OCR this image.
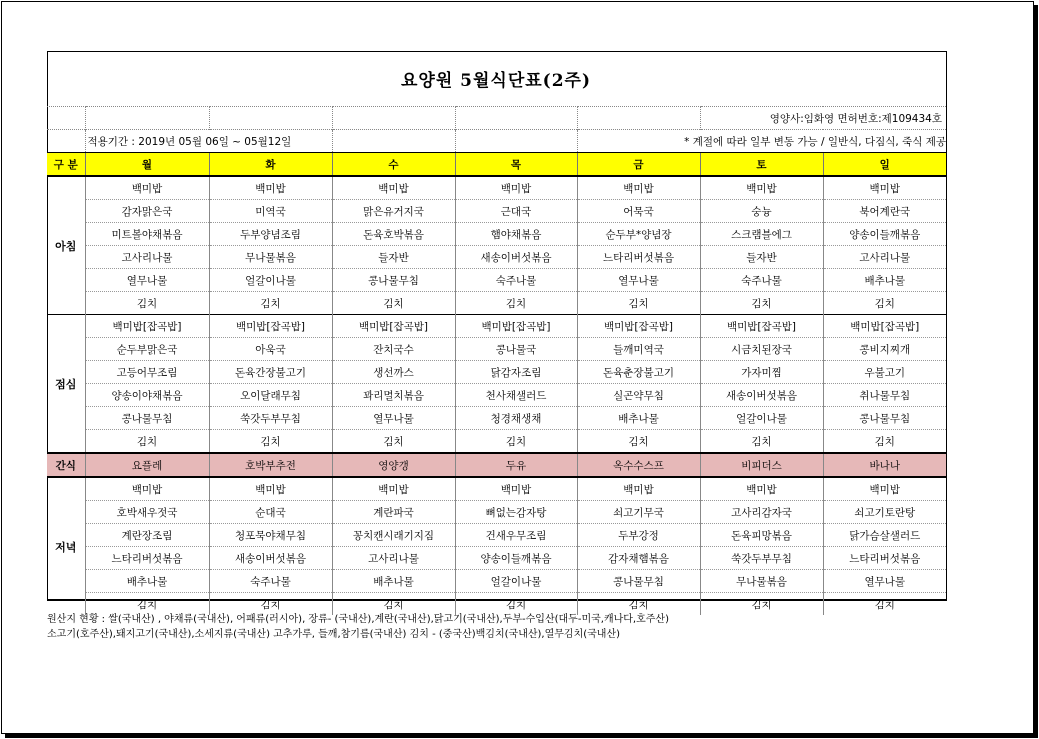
요양원 5월식단표(2주)
						영양사:임화영 면허번호:제109434호	
	적용기간 : 2019년 05월 06일 ~ 05월12일				* 계절에 따라 일부 변동 가능 / 일반식, 다짐식, 죽식 제공		
구 분	월	화	수	목	금	토	일
아침	백미밥	백미밥	백미밥	백미밥	백미밥	백미밥	백미밥
	감자맑은국	미역국	맑은유거지국	근대국	어묵국	숭늉	북어계란국
	미트볼야채볶음	두부양념조림	돈육호박볶음	햄야채볶음	순두부*양념장	스크램블에그	양송이들깨볶음
	고사리나물	무나물볶음	들자반	새송이버섯볶음	느타리버섯볶음	들자반	고사리나물
	열무나물	얼갈이나물	콩나물무침	숙주나물	열무나물	숙주나물	배추나물
	김치	김치	김치	김치	김치	김치	김치
점심	백미밥[잡곡밥]	백미밥[잡곡밥]	백미밥[잡곡밥]	백미밥[잡곡밥]	백미밥[잡곡밥]	백미밥[잡곡밥]	백미밥[잡곡밥]
	순두부맑은국	아욱국	잔치국수	콩나물국	들깨미역국	시금치된장국	콩비지찌개
	고등어무조림	돈육간장불고기	생선까스	닭감자조림	돈육춘장불고기	가자미찜	우불고기
	양송이야채볶음	오이달래무침	꽈리멸치볶음	천사채샐러드	실곤약무침	새송이버섯볶음	취나물무침
	콩나물무침	쑥갓두부무침	열무나물	청경채생채	배추나물	얼갈이나물	콩나물무침
	김치	김치	김치	김치	김치	김치	김치
간식	요플레	호박부추전	영양갱	두유	옥수수스프	비피더스	바나나
저녁	백미밥	백미밥	백미밥	백미밥	백미밥	백미밥	백미밥
	호박새우젓국	순대국	계란파국	뼈없는감자탕	쇠고기무국	고사리감자국	쇠고기토란탕
	계란장조림	청포묵야채무침	꽁치캔시래기지짐	건새우무조림	두부강정	돈육피망볶음	닭가슴살샐러드
	느타리버섯볶음	새송이버섯볶음	고사리나물	양송이들깨볶음	감자채햄볶음	쑥갓두부무침	느타리버섯볶음
	배추나물	숙주나물	배추나물	얼갈이나물	콩나물무침	무나물볶음	열무나물
	김치	김치	김치	김치	김치	김치	김치
원산지 현황 : 쌀(국내산) , 야채류(국내산), 어패류(러시아), 장류- (국내산),계란(국내산),닭고기(국내산),두부-수입산(대두-미국,캐나다,호주산)
소고기(호주산),돼지고기(국내산),소세지류(국내산) 고추가루, 들깨,참기름(국내산) 김치 - (중국산)백김치(국내산),열무김치(국내산)
